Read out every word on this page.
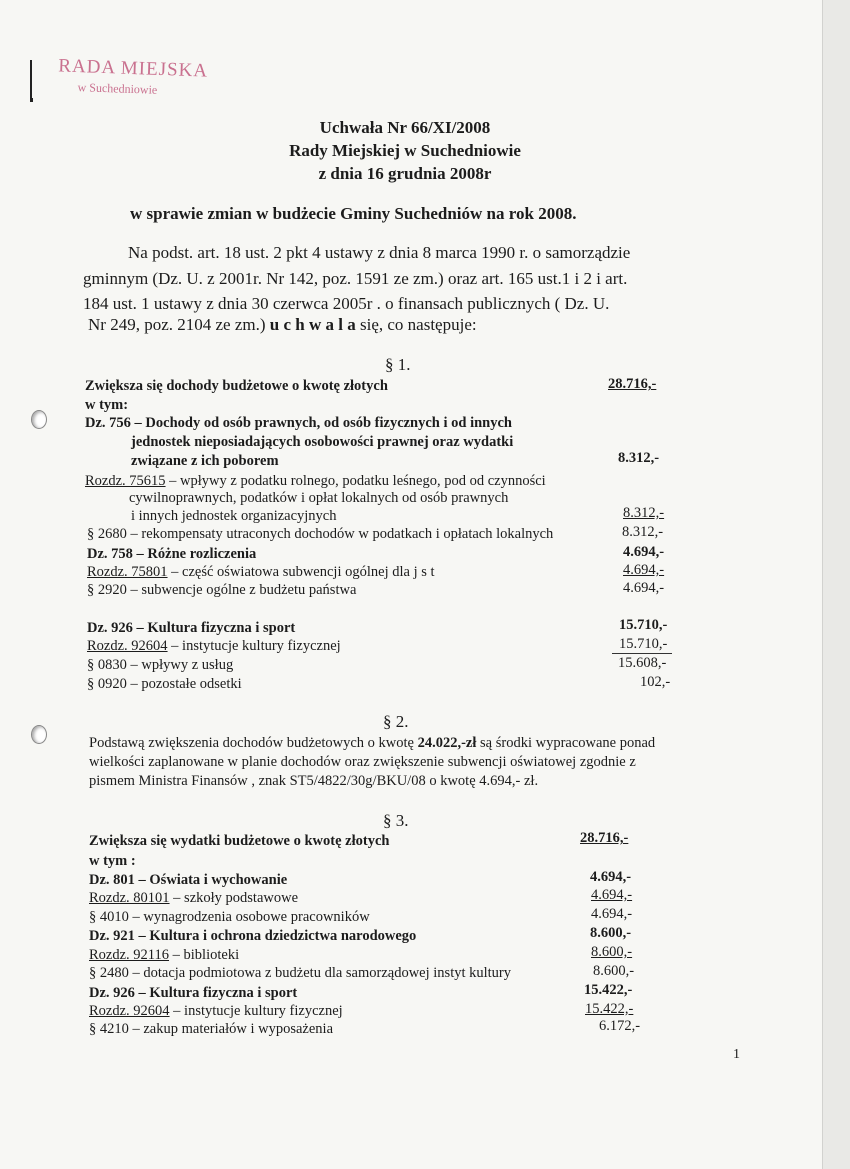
RADA MIEJSKA
w Suchedniowie
Uchwała Nr 66/XI/2008
Rady Miejskiej w Suchedniowie
z dnia 16 grudnia 2008r
w sprawie zmian w budżecie Gminy Suchedniów na rok 2008.
Na podst. art. 18 ust. 2 pkt 4 ustawy z dnia 8 marca 1990 r. o samorządzie
gminnym (Dz. U. z 2001r. Nr 142, poz. 1591 ze zm.) oraz art. 165 ust.1 i 2 i art.
184 ust. 1 ustawy z dnia 30 czerwca 2005r . o finansach publicznych ( Dz. U.
Nr 249, poz. 2104 ze zm.) u c h w a l a się, co następuje:
§ 1.
Zwiększa się dochody budżetowe o kwotę złotych	28.716,-
w tym:
Dz. 756 – Dochody od osób prawnych, od osób fizycznych i od innych
jednostek nieposiadających osobowości prawnej oraz wydatki
związane z ich poborem	8.312,-
Rozdz. 75615 – wpływy z podatku rolnego, podatku leśnego, pod od czynności
cywilnoprawnych, podatków i opłat lokalnych od osób prawnych
i innych jednostek organizacyjnych	8.312,-
§ 2680 – rekompensaty utraconych dochodów w podatkach i opłatach lokalnych	8.312,-
Dz. 758 – Różne rozliczenia	4.694,-
Rozdz. 75801 – część oświatowa subwencji ogólnej dla j s t	4.694,-
§ 2920 – subwencje ogólne z budżetu państwa	4.694,-
Dz. 926 – Kultura fizyczna i sport	15.710,-
Rozdz. 92604 – instytucje kultury fizycznej	15.710,-
§ 0830 – wpływy z usług	15.608,-
§ 0920 – pozostałe odsetki	102,-
§ 2.
Podstawą zwiększenia dochodów budżetowych o kwotę 24.022,-zł są środki wypracowane ponad
wielkości zaplanowane w planie dochodów oraz zwiększenie subwencji oświatowej zgodnie z
pismem Ministra Finansów , znak ST5/4822/30g/BKU/08 o kwotę 4.694,- zł.
§ 3.
Zwiększa się wydatki budżetowe o kwotę złotych	28.716,-
w tym :
Dz. 801 – Oświata i wychowanie	4.694,-
Rozdz. 80101 – szkoły podstawowe	4.694,-
§ 4010 – wynagrodzenia osobowe pracowników	4.694,-
Dz. 921 – Kultura i ochrona dziedzictwa narodowego	8.600,-
Rozdz. 92116 – biblioteki	8.600,-
§ 2480 – dotacja podmiotowa z budżetu dla samorządowej instyt kultury	8.600,-
Dz. 926 – Kultura fizyczna i sport	15.422,-
Rozdz. 92604 – instytucje kultury fizycznej	15.422,-
§ 4210 – zakup materiałów i wyposażenia	6.172,-
1
